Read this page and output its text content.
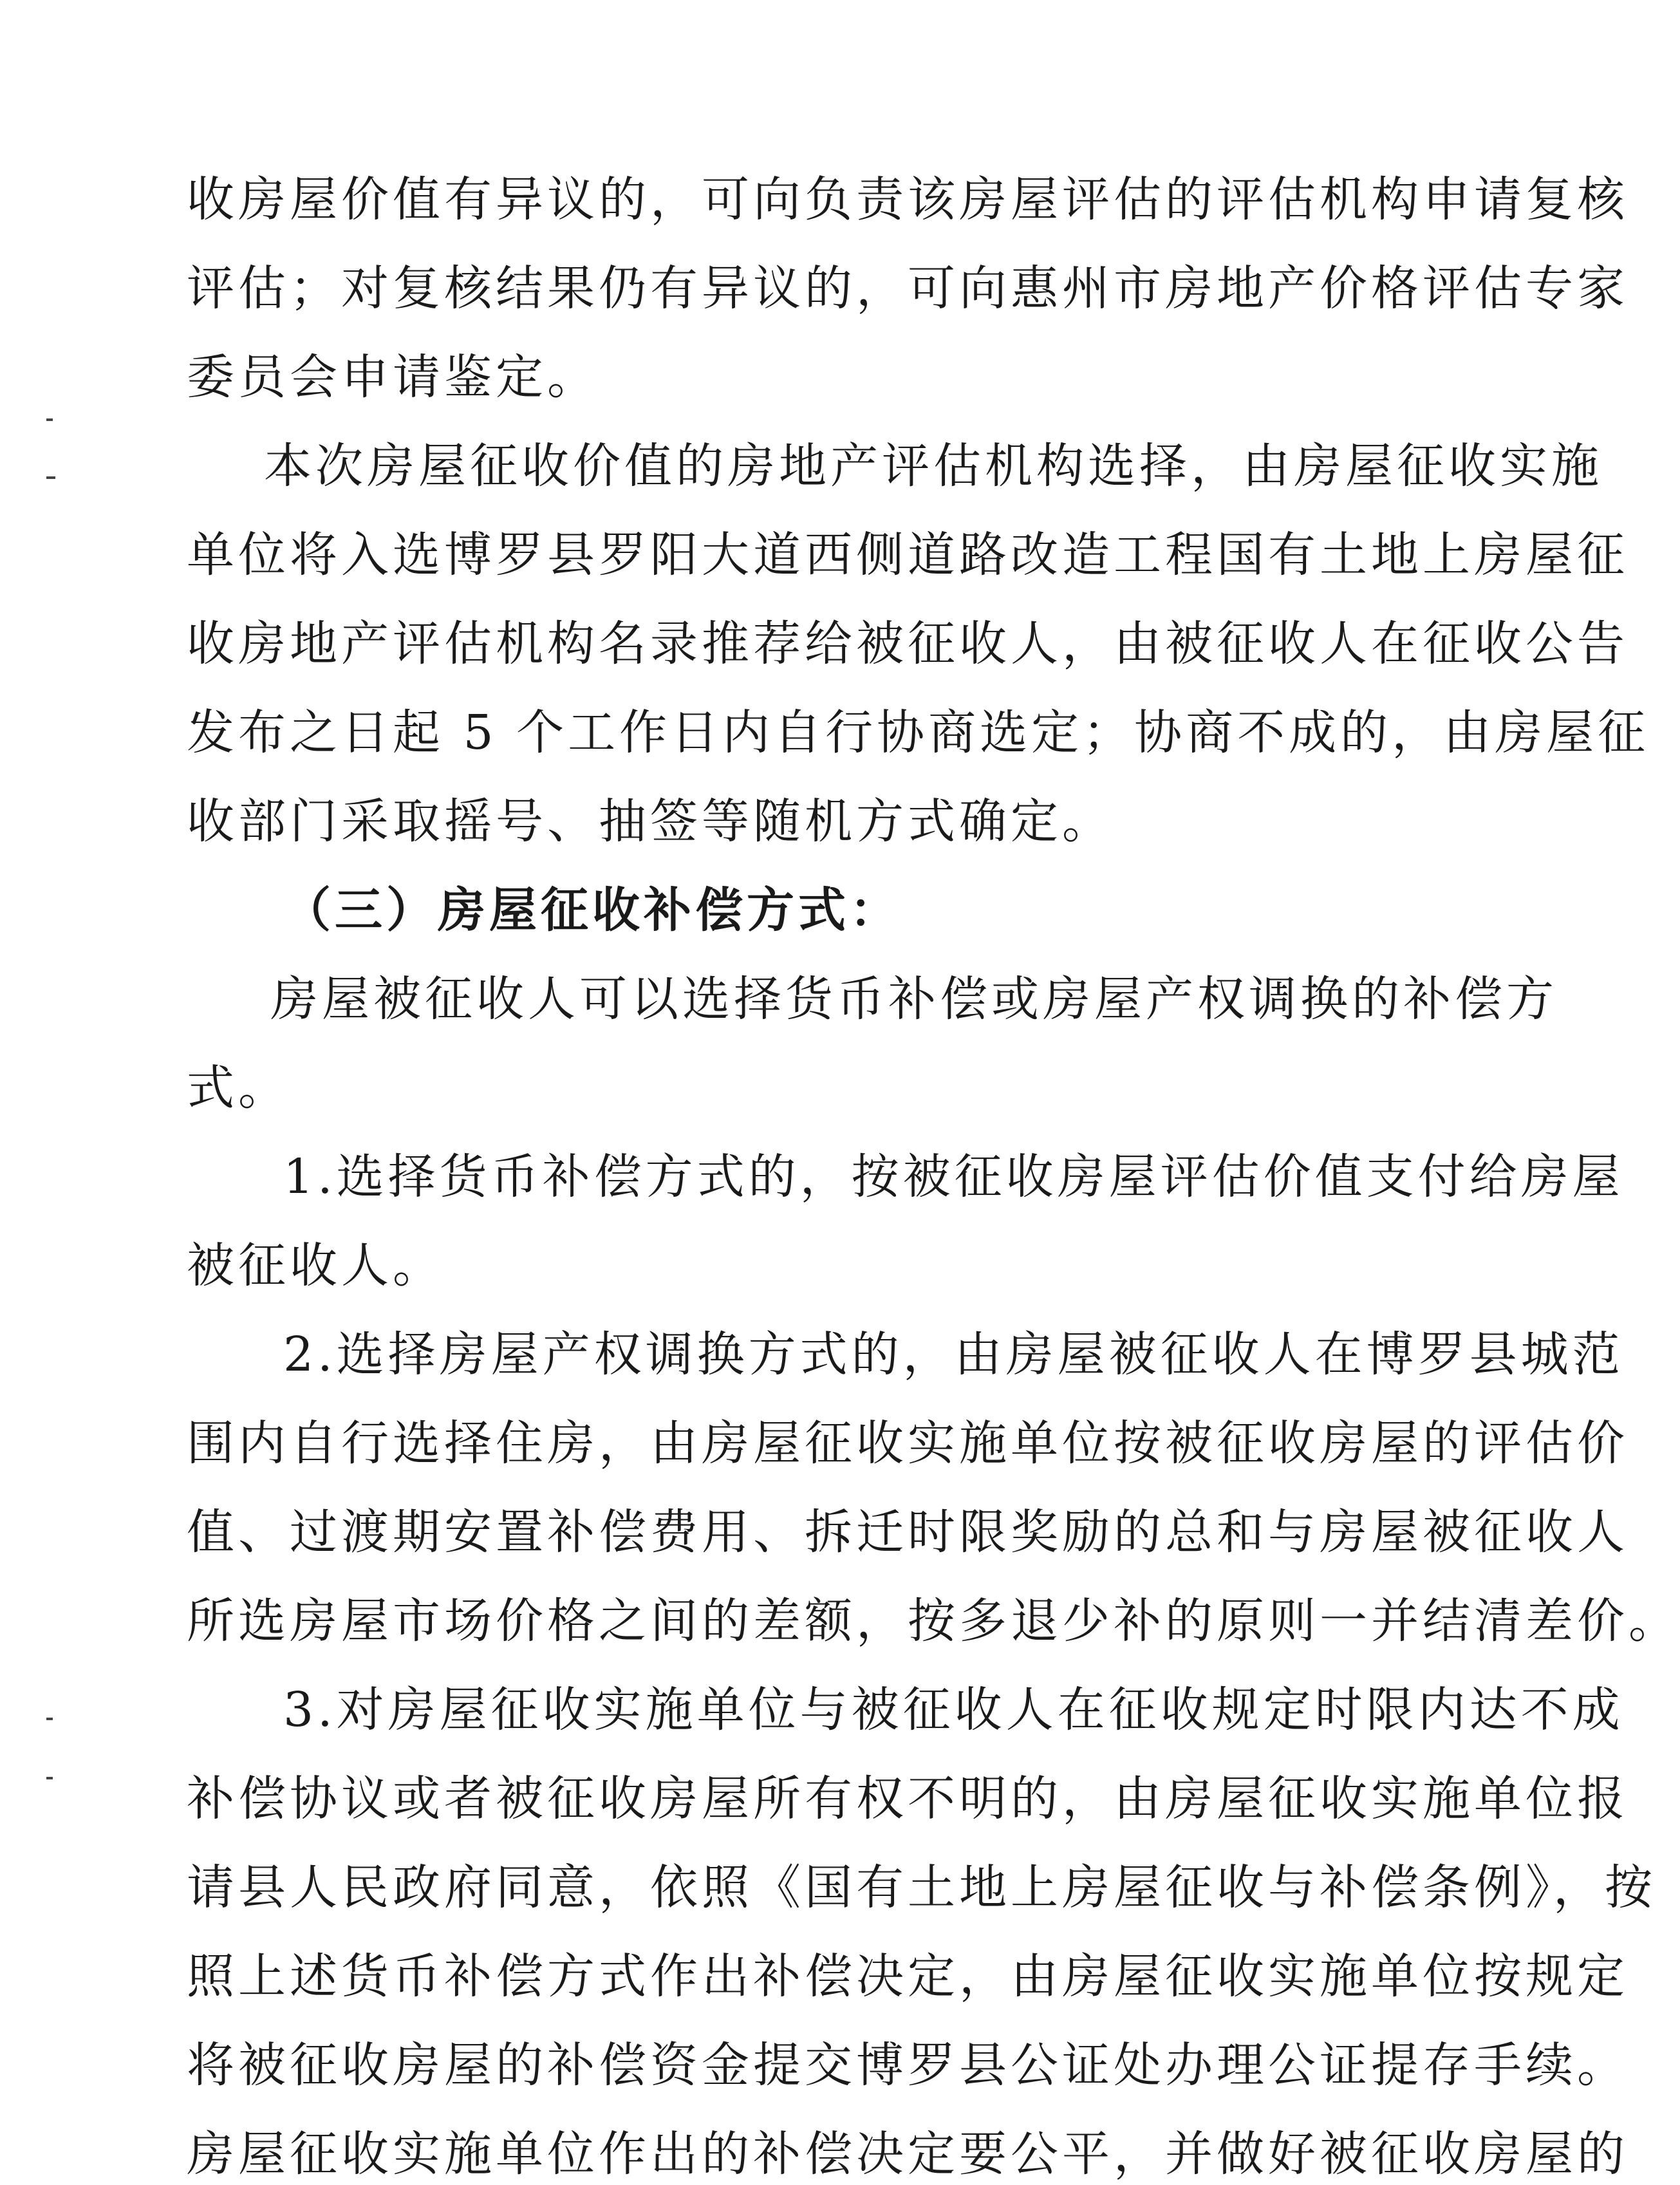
收房屋价值有异议的，可向负责该房屋评估的评估机构申请复核
评估；对复核结果仍有异议的，可向惠州市房地产价格评估专家
委员会申请鉴定。
本次房屋征收价值的房地产评估机构选择，由房屋征收实施
单位将入选博罗县罗阳大道西侧道路改造工程国有土地上房屋征
收房地产评估机构名录推荐给被征收人，由被征收人在征收公告
发布之日起 5 个工作日内自行协商选定；协商不成的，由房屋征
收部门采取摇号、抽签等随机方式确定。
（三）房屋征收补偿方式：
房屋被征收人可以选择货币补偿或房屋产权调换的补偿方
式。
1.选择货币补偿方式的，按被征收房屋评估价值支付给房屋
被征收人。
2.选择房屋产权调换方式的，由房屋被征收人在博罗县城范
围内自行选择住房，由房屋征收实施单位按被征收房屋的评估价
值、过渡期安置补偿费用、拆迁时限奖励的总和与房屋被征收人
所选房屋市场价格之间的差额，按多退少补的原则一并结清差价。
3.对房屋征收实施单位与被征收人在征收规定时限内达不成
补偿协议或者被征收房屋所有权不明的，由房屋征收实施单位报
请县人民政府同意，依照《国有土地上房屋征收与补偿条例》，按
照上述货币补偿方式作出补偿决定，由房屋征收实施单位按规定
将被征收房屋的补偿资金提交博罗县公证处办理公证提存手续。
房屋征收实施单位作出的补偿决定要公平，并做好被征收房屋的
